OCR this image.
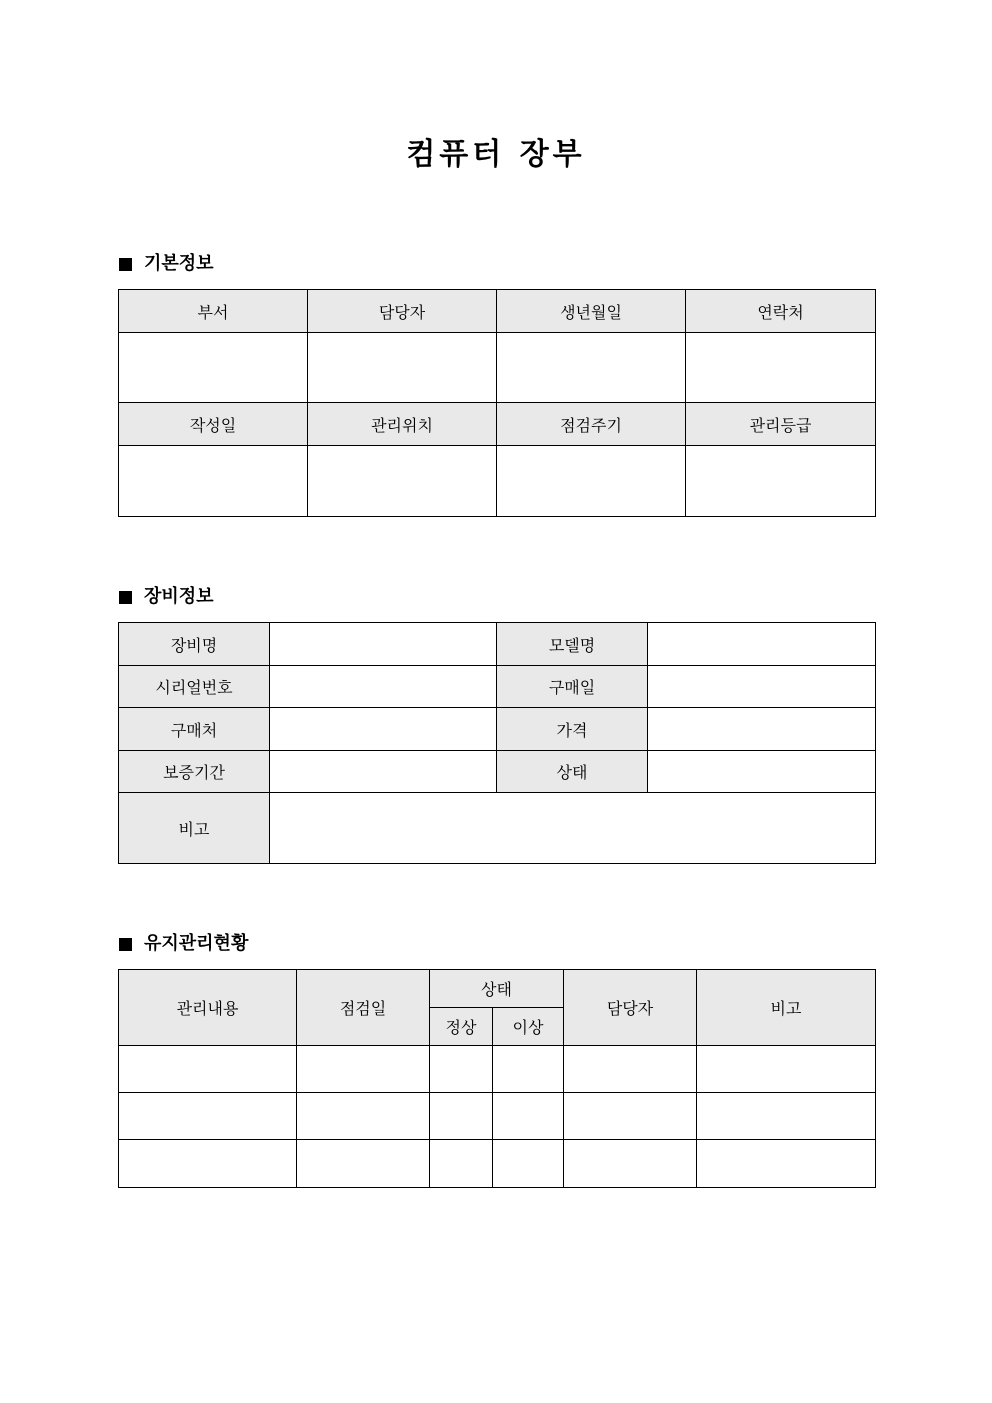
컴퓨터 장부
기본정보
부서	담당자	생년월일	연락처

작성일	관리위치	점검주기	관리등급

장비정보
장비명		모델명	
시리얼번호		구매일	
구매처		가격	
보증기간		상태	
비고			
유지관리현황
관리내용	점검일	상태		담당자	비고
		정상	이상		
